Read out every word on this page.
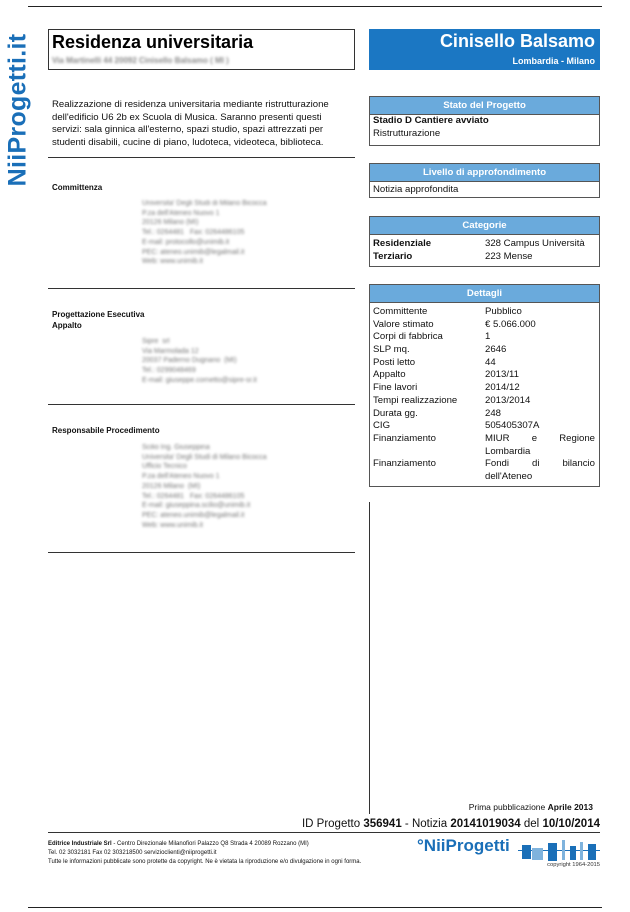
NiiProgetti.it Residenza universitaria
Via Martinelli 44 20092 Cinisello Balsamo ( MI )
Cinisello Balsamo
Lombardia - Milano
Realizzazione di residenza universitaria mediante ristrutturazione dell'edificio U6 2b ex Scuola di Musica. Saranno presenti questi servizi: sala ginnica all'esterno, spazi studio, spazi attrezzati per studenti disabili, cucine di piano, ludoteca, videoteca, biblioteca.
Committenza
Universita' Degli Studi di Milano Bicocca
P.za dell'Ateneo Nuovo 1
20126 Milano (MI)
Tel.: 0264481   Fax: 0264486105
E-mail: protocollo@unimib.it
PEC: ateneo.unimib@legalmail.it
Web: www.unimib.it
Progettazione Esecutiva
Appalto
Sipre  srl
Via Marmolada 12
20037 Paderno Dugnano  (MI)
Tel.: 0299048469
E-mail: giuseppe.cornetto@sipre-sr.it
Responsabile Procedimento
Scilio Ing. Giuseppina
Universita' Degli Studi di Milano Bicocca
Ufficio Tecnico
P.za dell'Ateneo Nuovo 1
20126 Milano  (MI)
Tel.: 0264481   Fax: 0264486105
E-mail: giuseppina.scilio@unimib.it
PEC: ateneo.unimib@legalmail.it
Web: www.unimib.it
Stato del Progetto
Stadio D Cantiere avviato
Ristrutturazione
Livello di approfondimento
Notizia approfondita
Categorie
Residenziale	328 Campus Università
Terziario	223 Mense
Dettagli
Committente	Pubblico
Valore stimato	€ 5.066.000
Corpi di fabbrica	1
SLP mq.	2646
Posti letto	44
Appalto	2013/11
Fine lavori	2014/12
Tempi realizzazione	2013/2014
Durata gg.	248
CIG	505405307A
Finanziamento	MIUR e Regione
Lombardia
Finanziamento	Fondi di bilancio
dell'Ateneo
Prima pubblicazione Aprile 2013
ID Progetto 356941 - Notizia 20141019034 del 10/10/2014
Editrice Industriale Srl - Centro Direzionale Milanofiori Palazzo Q8 Strada 4 20089 Rozzano (MI)
Tel. 02 3032181 Fax 02 303218500 servizioclienti@niiprogetti.it
Tutte le informazioni pubblicate sono protette da copyright. Ne è vietata la riproduzione e/o divulgazione in ogni forma.
°NiiProgetti
copyright 1964-2015
